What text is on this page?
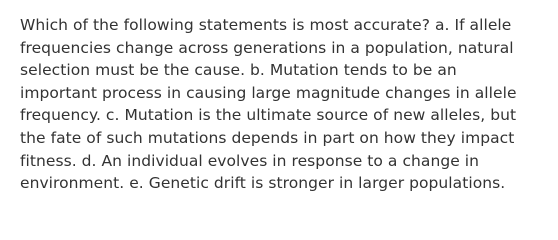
Which of the following statements is most accurate? a. If allele
frequencies change across generations in a population, natural
selection must be the cause. b. Mutation tends to be an
important process in causing large magnitude changes in allele
frequency. c. Mutation is the ultimate source of new alleles, but
the fate of such mutations depends in part on how they impact
fitness. d. An individual evolves in response to a change in
environment. e. Genetic drift is stronger in larger populations.
